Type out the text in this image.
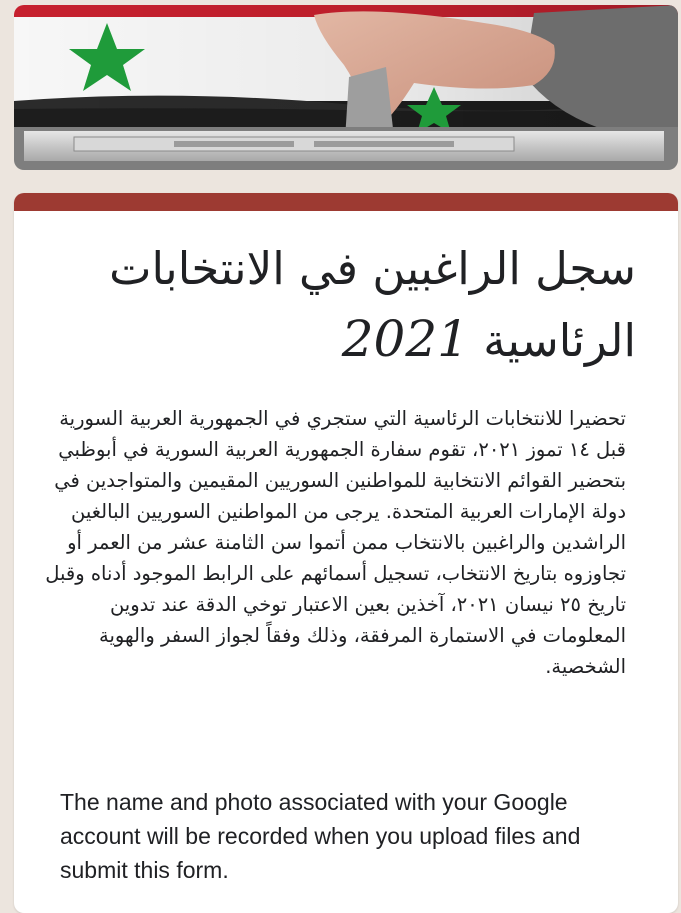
سجل الراغبين في الانتخابات
الرئاسية 2021

تحضيرا للانتخابات الرئاسية التي ستجري في الجمهورية العربية السورية قبل ١٤ تموز ٢٠٢١، تقوم سفارة الجمهورية العربية السورية في أبوظبي بتحضير القوائم الانتخابية للمواطنين السوريين المقيمين والمتواجدين في دولة الإمارات العربية المتحدة. يرجى من المواطنين السوريين البالغين الراشدين والراغبين بالانتخاب ممن أتموا سن الثامنة عشر من العمر أو تجاوزوه بتاريخ الانتخاب، تسجيل أسمائهم على الرابط الموجود أدناه وقبل تاريخ ٢٥ نيسان ٢٠٢١، آخذين بعين الاعتبار توخي الدقة عند تدوين المعلومات في الاستمارة المرفقة، وذلك وفقاً لجواز السفر والهوية الشخصية.

The name and photo associated with your Google account will be recorded when you upload files and submit this form.
